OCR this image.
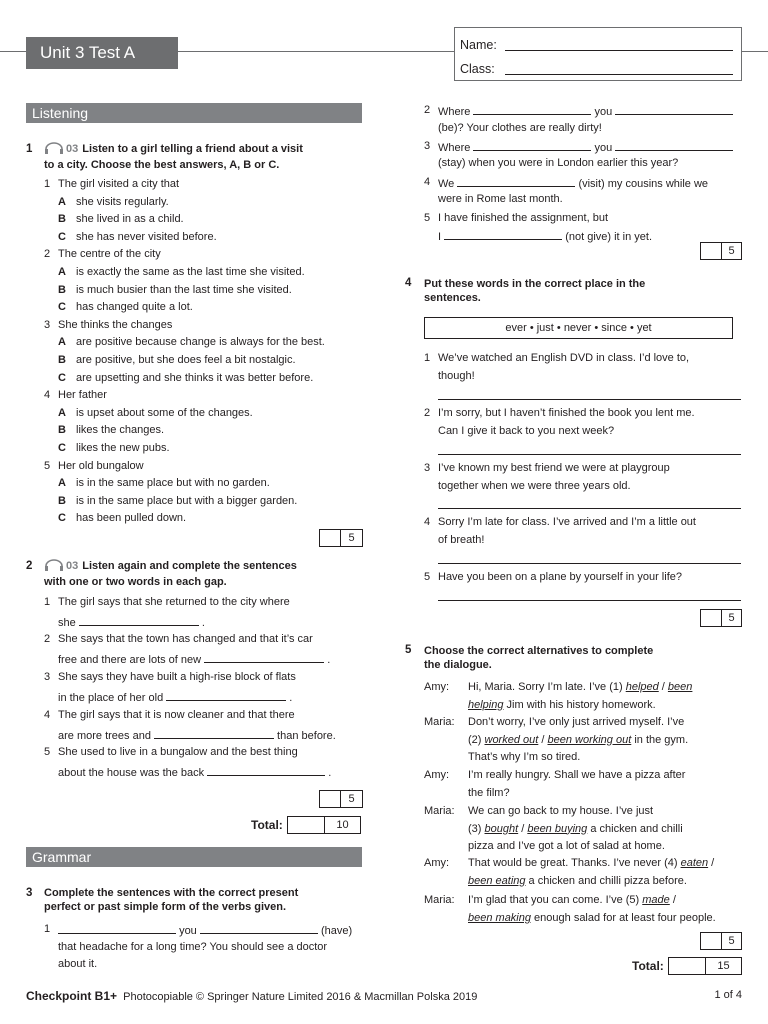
Unit 3 Test A	Name:
Class:
Listening
1	03 Listen to a girl telling a friend about a visit
to a city. Choose the best answers, A, B or C.
1 The girl visited a city that
A she visits regularly.
B she lived in as a child.
C she has never visited before.
2 The centre of the city
A is exactly the same as the last time she visited.
B is much busier than the last time she visited.
C has changed quite a lot.
3 She thinks the changes
A are positive because change is always for the best.
B are positive, but she does feel a bit nostalgic.
C are upsetting and she thinks it was better before.
4 Her father
A is upset about some of the changes.
B likes the changes.
C likes the new pubs.
5 Her old bungalow
A is in the same place but with no garden.
B is in the same place but with a bigger garden.
C has been pulled down.
5
2	03 Listen again and complete the sentences
with one or two words in each gap.
1 The girl says that she returned to the city where
she	.
2 She says that the town has changed and that it’s car
free and there are lots of new	.
3 She says they have built a high-rise block of flats
in the place of her old	.
4 The girl says that it is now cleaner and that there
are more trees and	than before.
5 She used to live in a bungalow and the best thing
about the house was the back	.
5
Total:	10
Grammar
3 Complete the sentences with the correct present
perfect or past simple form of the verbs given.
1	you	(have)
that headache for a long time? You should see a doctor
about it.
2 Where	you
(be)? Your clothes are really dirty!
3 Where	you
(stay) when you were in London earlier this year?
4 We	(visit) my cousins while we
were in Rome last month.
5 I have finished the assignment, but
I	(not give) it in yet.
5
4 Put these words in the correct place in the
sentences.
ever • just • never • since • yet
1 We’ve watched an English DVD in class. I’d love to,
though!
2 I’m sorry, but I haven’t finished the book you lent me.
Can I give it back to you next week?
3 I’ve known my best friend we were at playgroup
together when we were three years old.
4 Sorry I’m late for class. I’ve arrived and I’m a little out
of breath!
5 Have you been on a plane by yourself in your life?
5
5 Choose the correct alternatives to complete
the dialogue.
Amy: Hi, Maria. Sorry I’m late. I’ve (1) helped / been
helping Jim with his history homework.
Maria: Don’t worry, I’ve only just arrived myself. I’ve
(2) worked out / been working out in the gym.
That’s why I’m so tired.
Amy: I’m really hungry. Shall we have a pizza after
the film?
Maria: We can go back to my house. I’ve just
(3) bought / been buying a chicken and chilli
pizza and I’ve got a lot of salad at home.
Amy: That would be great. Thanks. I’ve never (4) eaten /
been eating a chicken and chilli pizza before.
Maria: I’m glad that you can come. I’ve (5) made /
been making enough salad for at least four people.
5
Total:	15
Checkpoint B1+ Photocopiable © Springer Nature Limited 2016 & Macmillan Polska 2019	1 of 4
